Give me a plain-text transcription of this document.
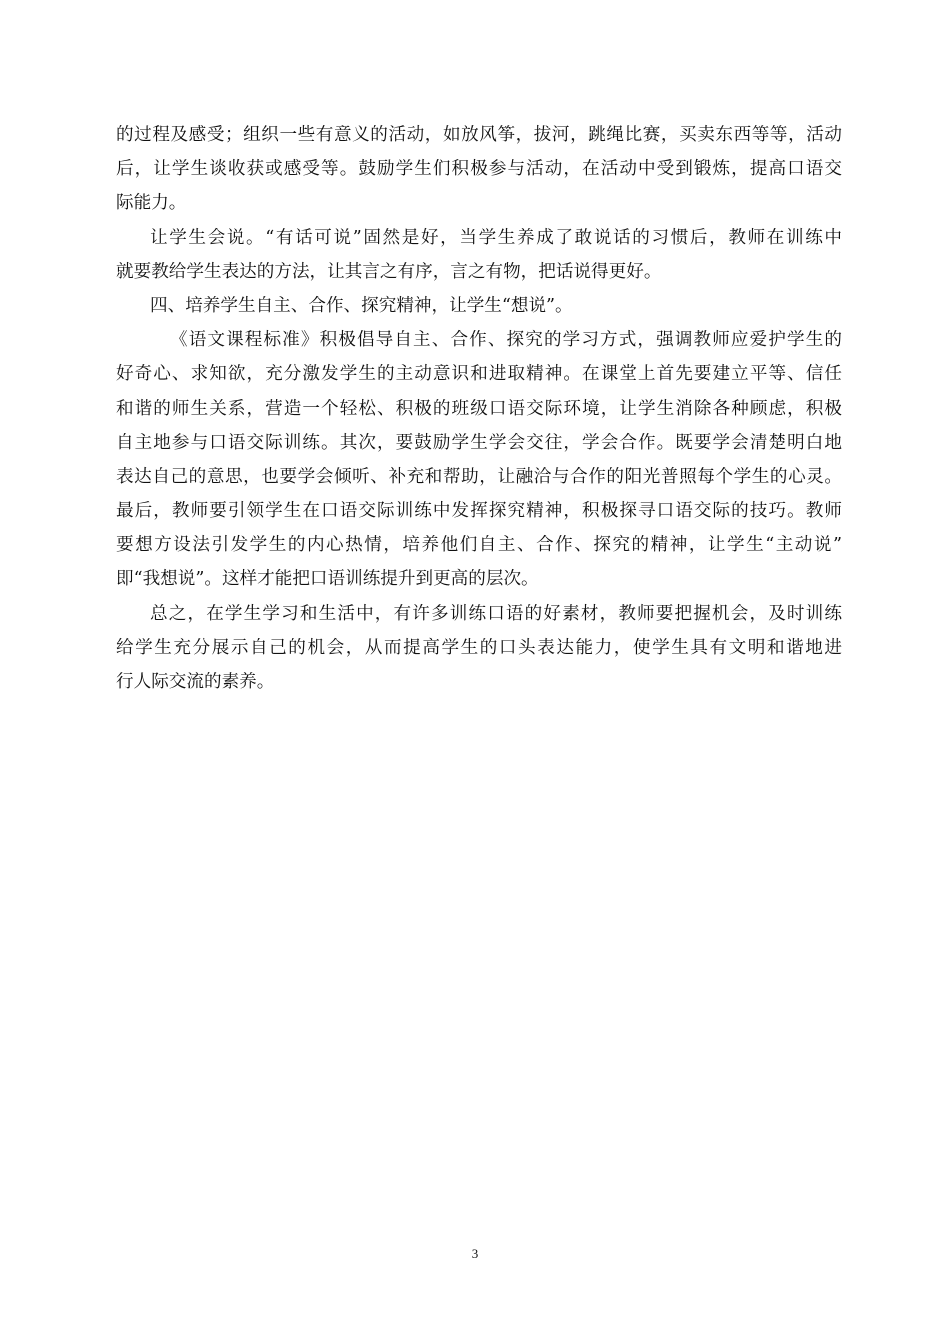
的过程及感受；组织一些有意义的活动，如放风筝，拔河，跳绳比赛，买卖东西等等，活动
后，让学生谈收获或感受等。鼓励学生们积极参与活动，在活动中受到锻炼，提高口语交
际能力。
让学生会说。“有话可说”固然是好，当学生养成了敢说话的习惯后，教师在训练中
就要教给学生表达的方法，让其言之有序，言之有物，把话说得更好。
四、培养学生自主、合作、探究精神，让学生“想说”。
《语文课程标准》积极倡导自主、合作、探究的学习方式，强调教师应爱护学生的
好奇心、求知欲，充分激发学生的主动意识和进取精神。在课堂上首先要建立平等、信任
和谐的师生关系，营造一个轻松、积极的班级口语交际环境，让学生消除各种顾虑，积极
自主地参与口语交际训练。其次，要鼓励学生学会交往，学会合作。既要学会清楚明白地
表达自己的意思，也要学会倾听、补充和帮助，让融洽与合作的阳光普照每个学生的心灵。
最后，教师要引领学生在口语交际训练中发挥探究精神，积极探寻口语交际的技巧。教师
要想方设法引发学生的内心热情，培养他们自主、合作、探究的精神，让学生“主动说”
即“我想说”。这样才能把口语训练提升到更高的层次。
总之，在学生学习和生活中，有许多训练口语的好素材，教师要把握机会，及时训练
给学生充分展示自己的机会，从而提高学生的口头表达能力，使学生具有文明和谐地进
行人际交流的素养。
3
